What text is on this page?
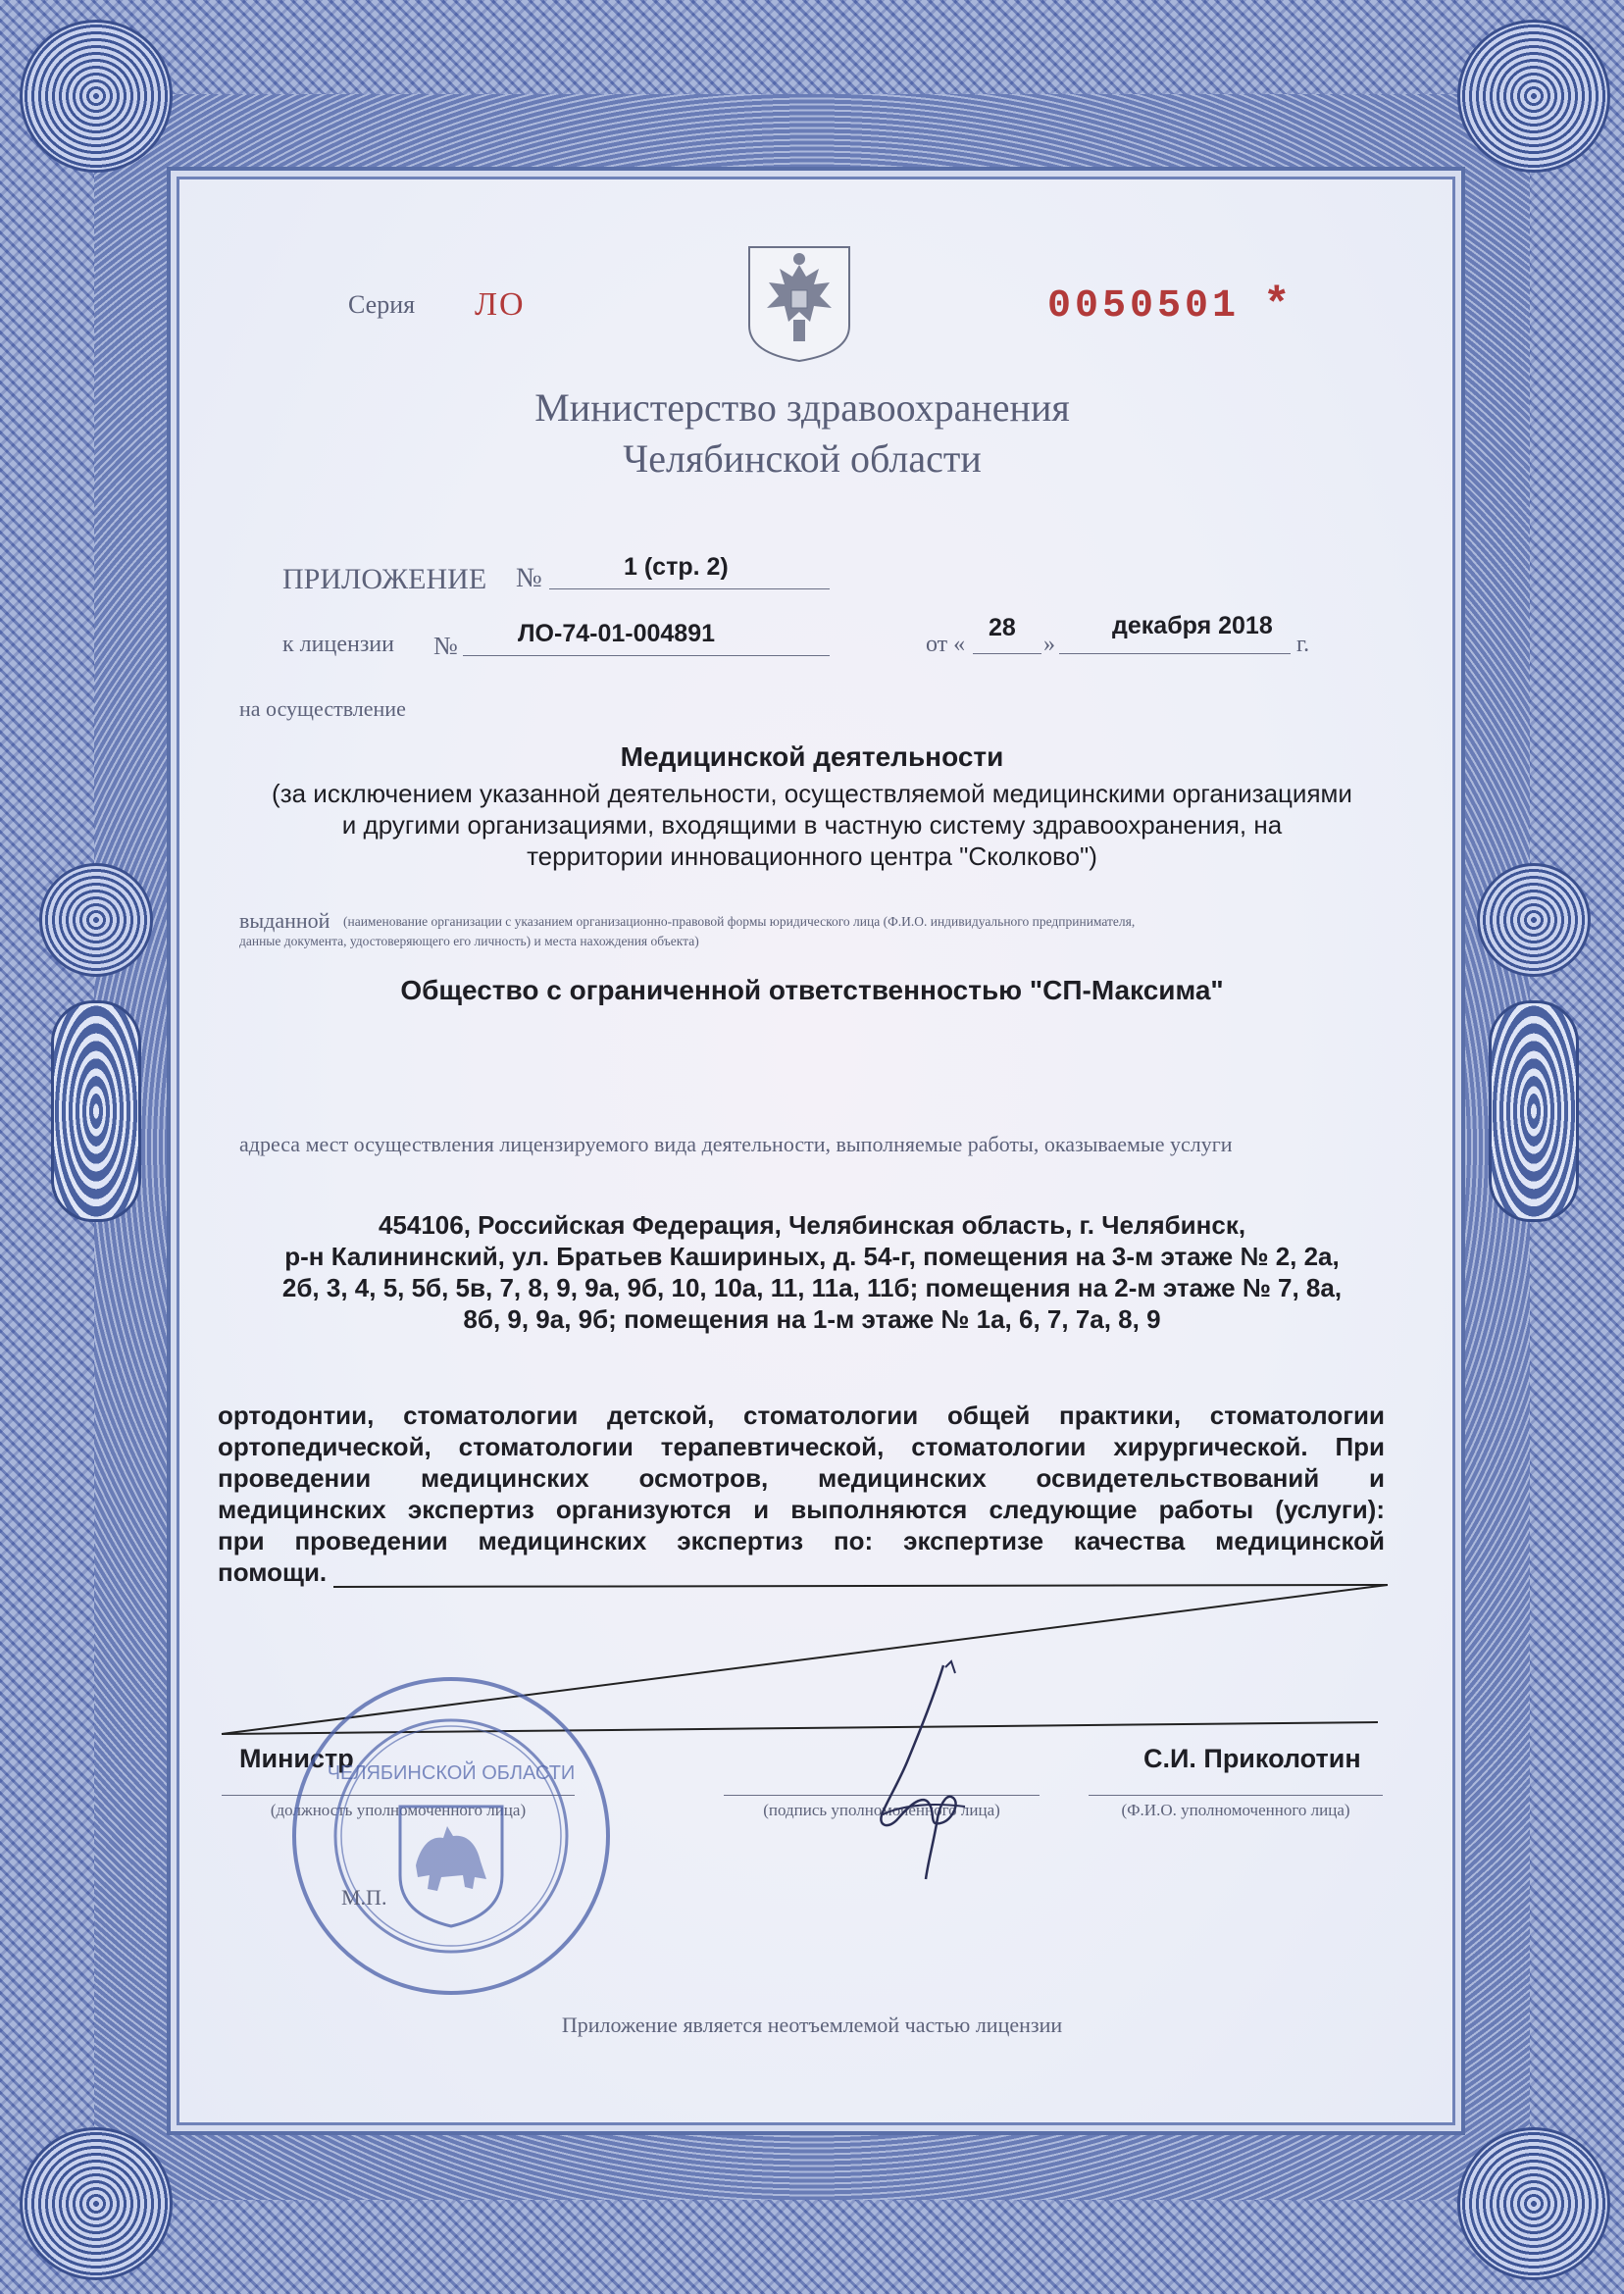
Серия ЛО	0050501 *
Министерство здравоохранения
Челябинской области
ПРИЛОЖЕНИЕ №	1 (стр. 2)
к лицензии № ЛО-74-01-004891	от «
28
»
декабря 2018
г.
на осуществление
Медицинской деятельности
(за исключением указанной деятельности, осуществляемой медицинскими организациями
и другими организациями, входящими в частную систему здравоохранения, на
территории инновационного центра "Сколково")
выданной (наименование организации с указанием организационно-правовой формы юридического лица (Ф.И.О. индивидуального предпринимателя,
данные документа, удостоверяющего его личность) и места нахождения объекта)
Общество с ограниченной ответственностью "СП-Максима"
адреса мест осуществления лицензируемого вида деятельности, выполняемые работы, оказываемые услуги
454106, Российская Федерация, Челябинская область, г. Челябинск,
р-н Калининский, ул. Братьев Кашириных, д. 54-г, помещения на 3-м этаже № 2, 2а,
2б, 3, 4, 5, 5б, 5в, 7, 8, 9, 9а, 9б, 10, 10а, 11, 11а, 11б; помещения на 2-м этаже № 7, 8а,
8б, 9, 9а, 9б; помещения на 1-м этаже № 1а, 6, 7, 7а, 8, 9
ортодонтии, стоматологии детской, стоматологии общей практики, стоматологии
ортопедической, стоматологии терапевтической, стоматологии хирургической. При
проведении медицинских осмотров, медицинских освидетельствований и
медицинских экспертиз организуются и выполняются следующие работы (услуги):
при проведении медицинских экспертиз по: экспертизе качества медицинской
помощи.
Министр	С.И. Приколотин
(должность уполномоченного лица)	(подпись уполномоченного лица)	(Ф.И.О. уполномоченного лица)
ЧЕЛЯБИНСКОЙ ОБЛАСТИ
М.П.
Приложение является неотъемлемой частью лицензии
